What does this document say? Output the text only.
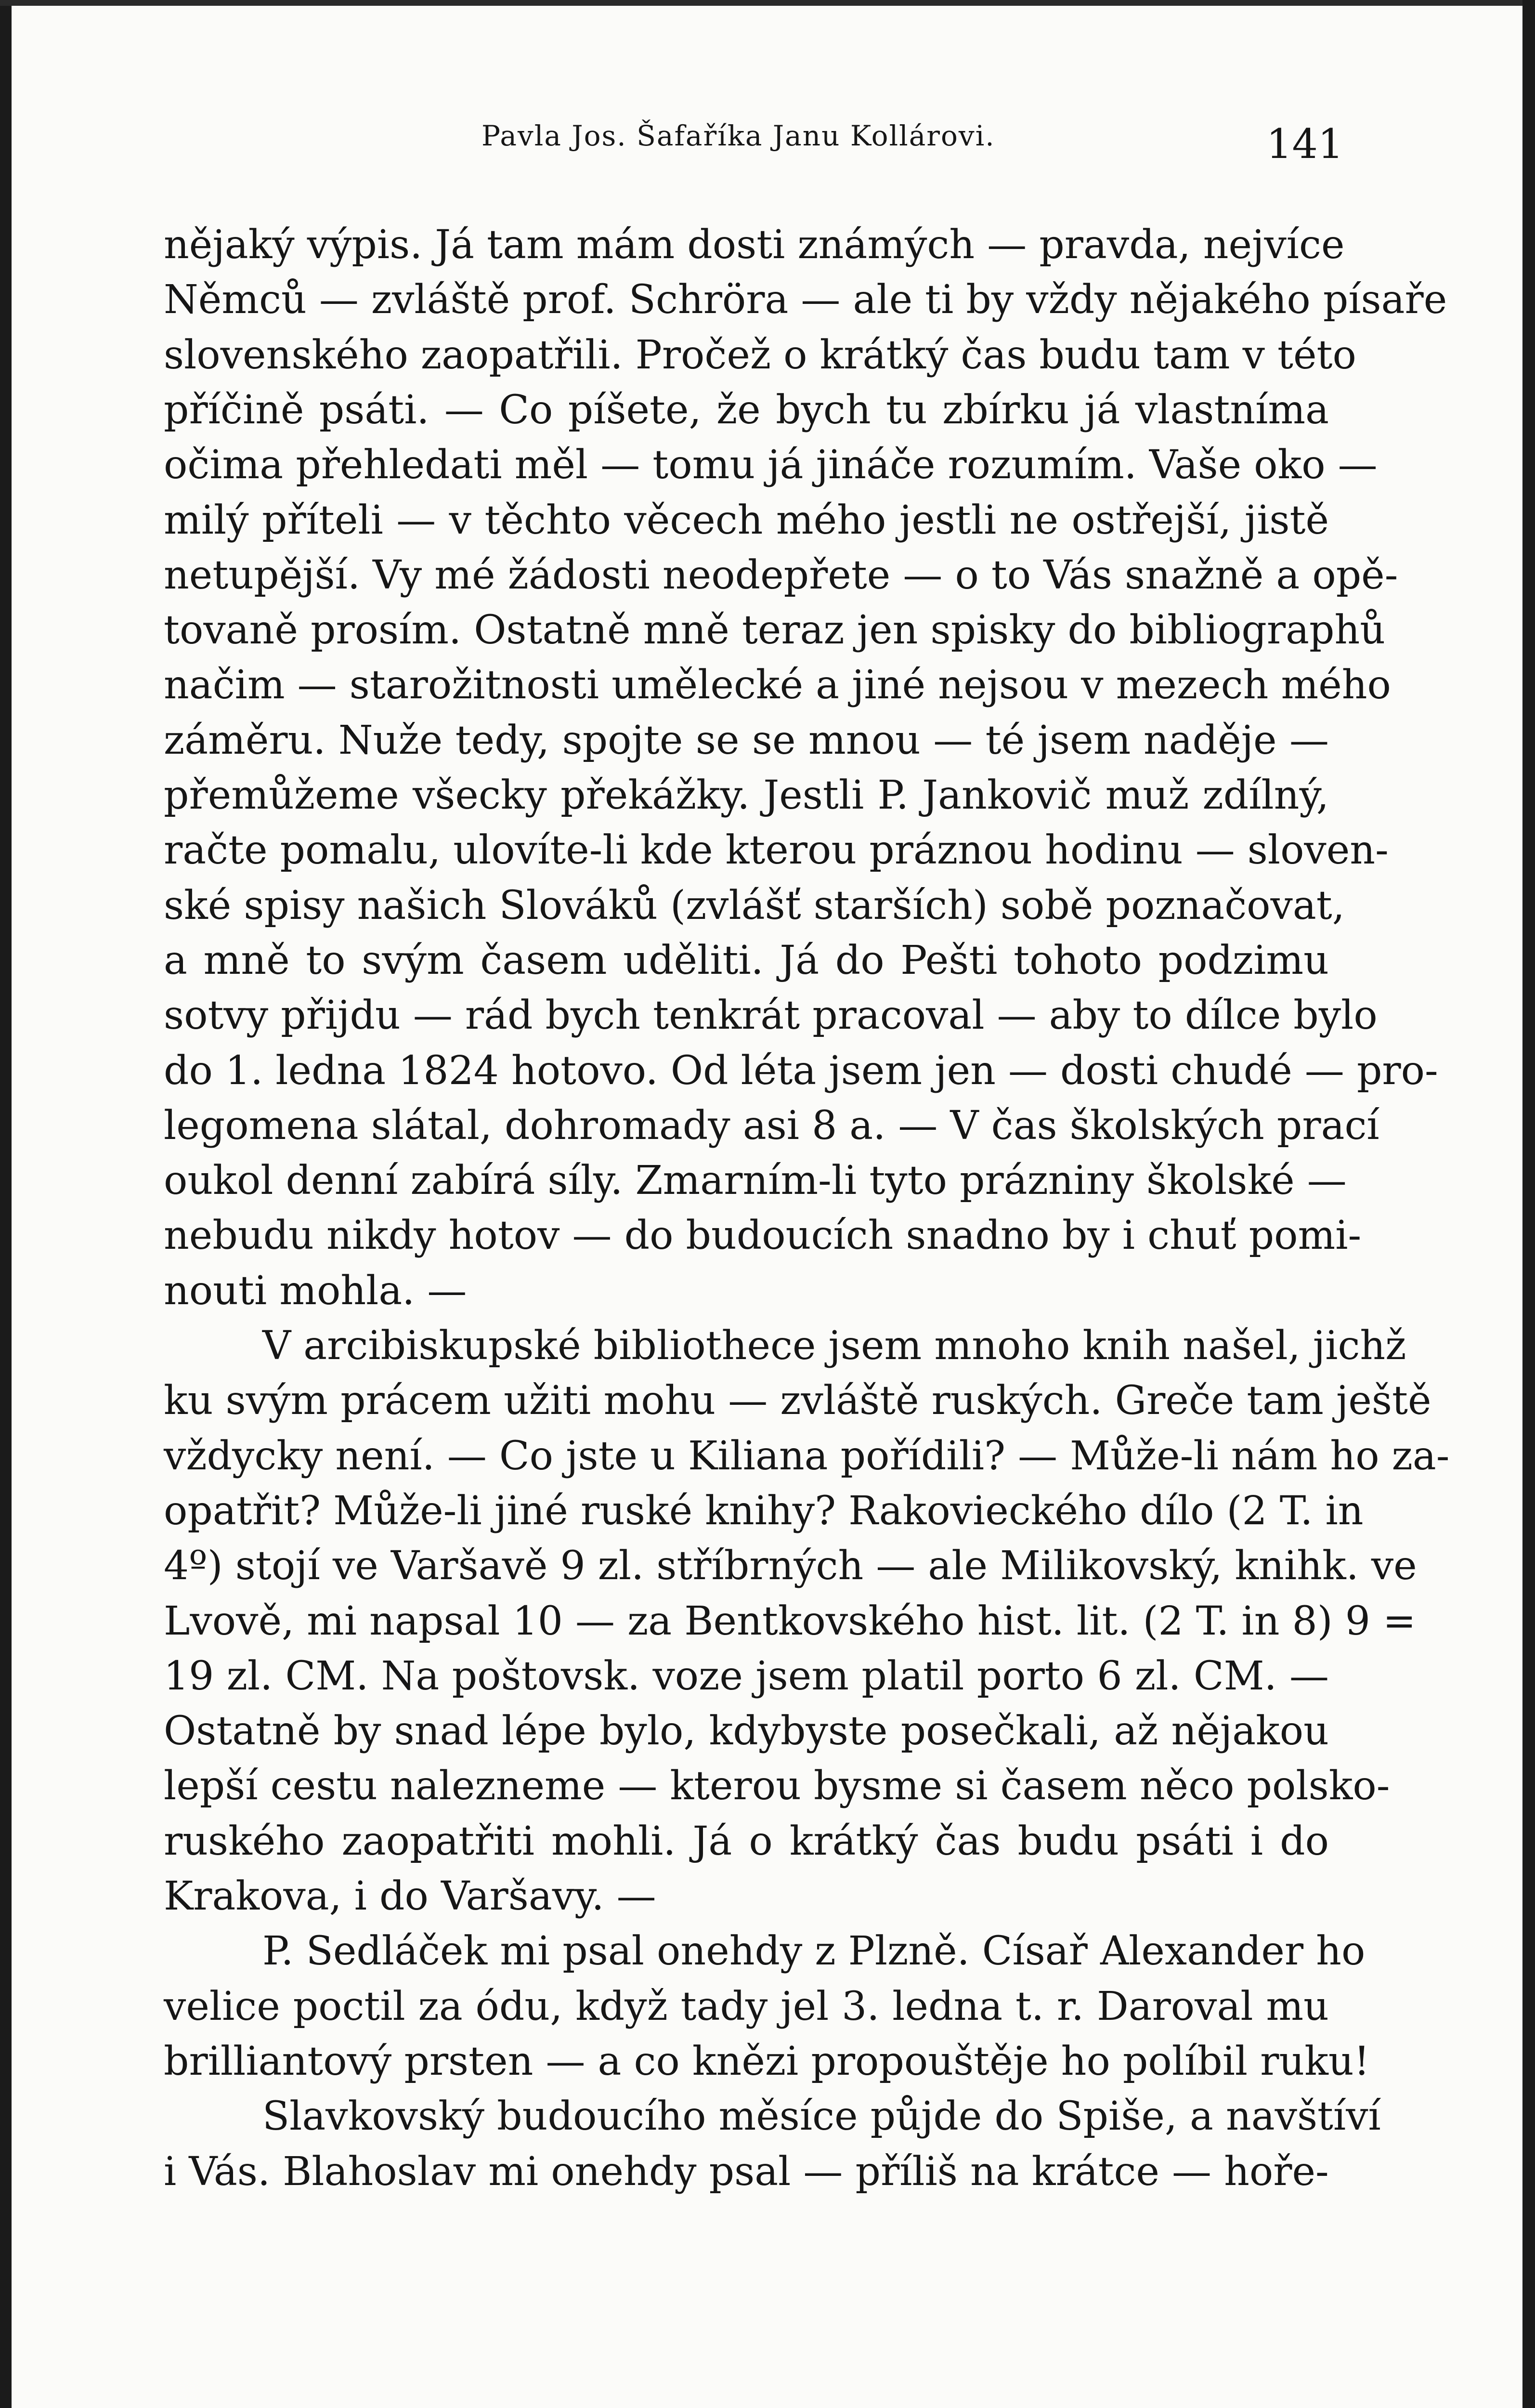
Pavla Jos. Šafaříka Janu Kollárovi.	141
nějaký výpis. Já tam mám dosti známých — pravda, nejvíce
Němců — zvláště prof. Schröra — ale ti by vždy nějakého písaře
slovenského zaopatřili. Pročež o krátký čas budu tam v této
příčině psáti. — Co píšete, že bych tu zbírku já vlastníma
očima přehledati měl — tomu já jináče rozumím. Vaše oko —
milý příteli — v těchto věcech mého jestli ne ostřejší, jistě
netupější. Vy mé žádosti neodepřete — o to Vás snažně a opě-
tovaně prosím. Ostatně mně teraz jen spisky do bibliographů
načim — starožitnosti umělecké a jiné nejsou v mezech mého
záměru. Nuže tedy, spojte se se mnou — té jsem naděje —
přemůžeme všecky překážky. Jestli P. Jankovič muž zdílný,
račte pomalu, ulovíte-li kde kterou práznou hodinu — sloven-
ské spisy našich Slováků (zvlášť starších) sobě poznačovat,
a mně to svým časem uděliti. Já do Pešti tohoto podzimu
sotvy přijdu — rád bych tenkrát pracoval — aby to dílce bylo
do 1. ledna 1824 hotovo. Od léta jsem jen — dosti chudé — pro-
legomena slátal, dohromady asi 8 a. — V čas školských prací
oukol denní zabírá síly. Zmarním-li tyto prázniny školské —
nebudu nikdy hotov — do budoucích snadno by i chuť pomi-
nouti mohla. —
V arcibiskupské bibliothece jsem mnoho knih našel, jichž
ku svým prácem užiti mohu — zvláště ruských. Greče tam ještě
vždycky není. — Co jste u Kiliana pořídili? — Může-li nám ho za-
opatřit? Může-li jiné ruské knihy? Rakovieckého dílo (2 T. in
4º) stojí ve Varšavě 9 zl. stříbrných — ale Milikovský, knihk. ve
Lvově, mi napsal 10 — za Bentkovského hist. lit. (2 T. in 8) 9 =
19 zl. CM. Na poštovsk. voze jsem platil porto 6 zl. CM. —
Ostatně by snad lépe bylo, kdybyste posečkali, až nějakou
lepší cestu nalezneme — kterou bysme si časem něco polsko-
ruského zaopatřiti mohli. Já o krátký čas budu psáti i do
Krakova, i do Varšavy. —
P. Sedláček mi psal onehdy z Plzně. Císař Alexander ho
velice poctil za ódu, když tady jel 3. ledna t. r. Daroval mu
brilliantový prsten — a co knězi propouštěje ho políbil ruku!
Slavkovský budoucího měsíce půjde do Spiše, a navštíví
i Vás. Blahoslav mi onehdy psal — příliš na krátce — hoře-
